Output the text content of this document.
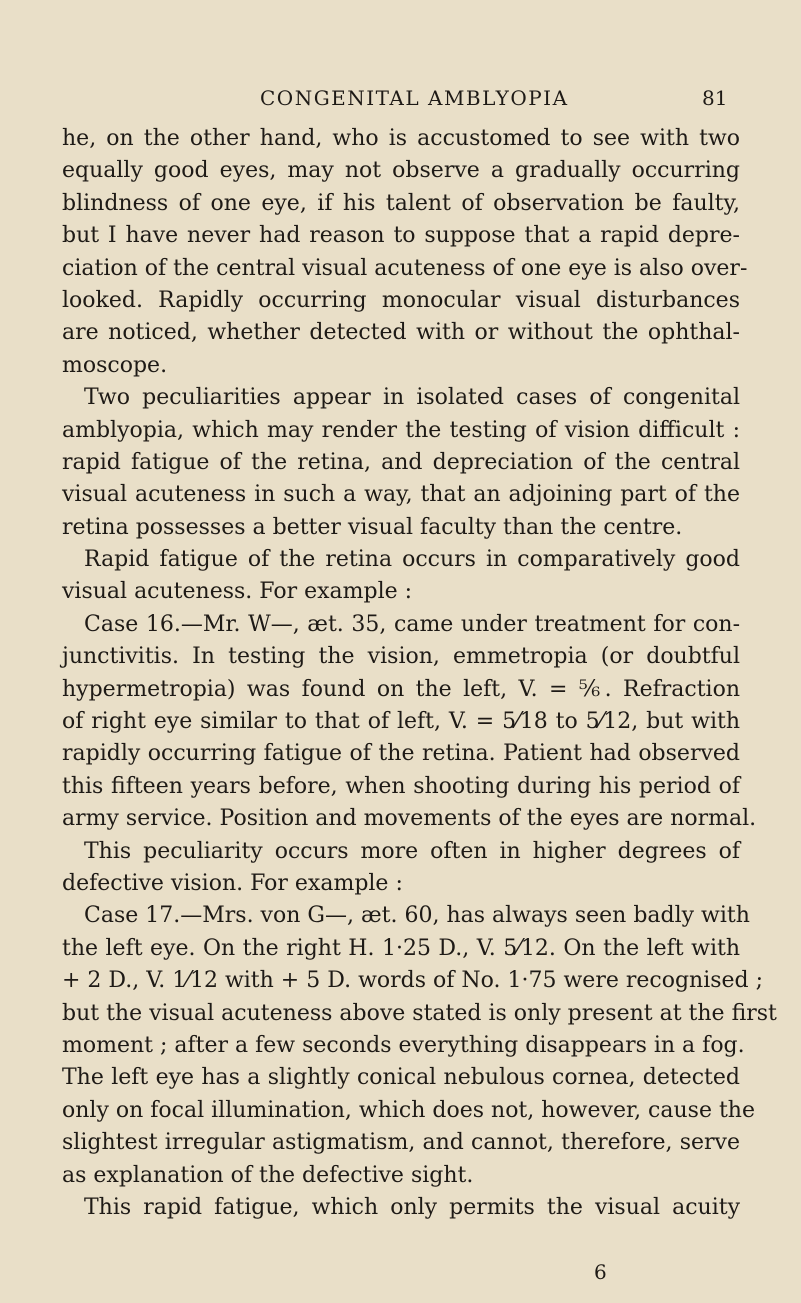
CONGENITAL AMBLYOPIA	81
he, on the other hand, who is accustomed to see with two
equally good eyes, may not observe a gradually occurring
blindness of one eye, if his talent of observation be faulty,
but I have never had reason to suppose that a rapid depre-
ciation of the central visual acuteness of one eye is also over-
looked. Rapidly occurring monocular visual disturbances
are noticed, whether detected with or without the ophthal-
moscope.
Two peculiarities appear in isolated cases of congenital
amblyopia, which may render the testing of vision difficult :
rapid fatigue of the retina, and depreciation of the central
visual acuteness in such a way, that an adjoining part of the
retina possesses a better visual faculty than the centre.
Rapid fatigue of the retina occurs in comparatively good
visual acuteness. For example :
Case 16.—Mr. W—, æt. 35, came under treatment for con-
junctivitis. In testing the vision, emmetropia (or doubtful
hypermetropia) was found on the left, V. = ⅚. Refraction
of right eye similar to that of left, V. = 5⁄18 to 5⁄12, but with
rapidly occurring fatigue of the retina. Patient had observed
this fifteen years before, when shooting during his period of
army service. Position and movements of the eyes are normal.
This peculiarity occurs more often in higher degrees of
defective vision. For example :
Case 17.—Mrs. von G—, æt. 60, has always seen badly with
the left eye. On the right H. 1·25 D., V. 5⁄12. On the left with
+ 2 D., V. 1⁄12 with + 5 D. words of No. 1·75 were recognised ;
but the visual acuteness above stated is only present at the first
moment ; after a few seconds everything disappears in a fog.
The left eye has a slightly conical nebulous cornea, detected
only on focal illumination, which does not, however, cause the
slightest irregular astigmatism, and cannot, therefore, serve
as explanation of the defective sight.
This rapid fatigue, which only permits the visual acuity
6
